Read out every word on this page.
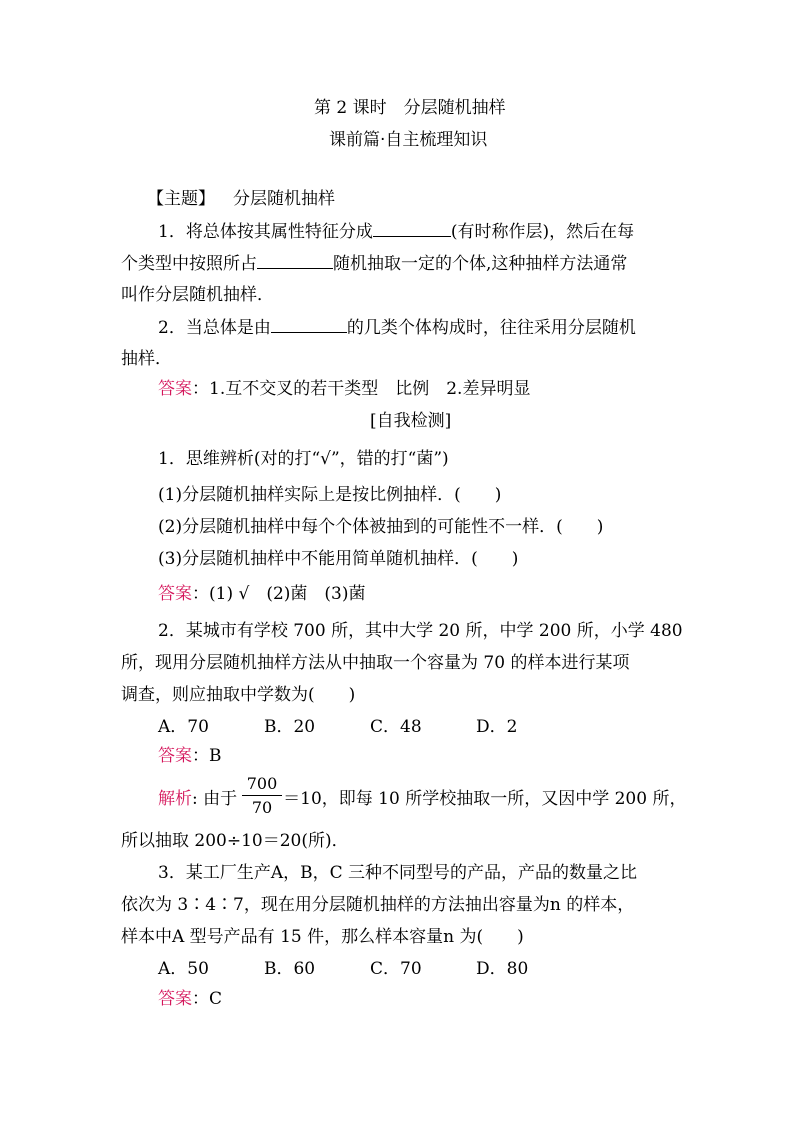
第 2 课时　分层随机抽样
课前篇·自主梳理知识
【主题】 分层随机抽样
1．将总体按其属性特征分成	(有时称作层)，然后在每
个类型中按照所占	随机抽取一定的个体,这种抽样方法通常
叫作分层随机抽样．
2．当总体是由	的几类个体构成时，往往采用分层随机
抽样．
答案：1.互不交叉的若干类型　比例　2.差异明显
[自我检测]
1．思维辨析(对的打“√”，错的打“菌”)
(1)分层随机抽样实际上是按比例抽样．(　　)
(2)分层随机抽样中每个个体被抽到的可能性不一样．(　　)
(3)分层随机抽样中不能用简单随机抽样．(　　)
答案：(1) √　(2)菌　(3)菌
2．某城市有学校 700 所，其中大学 20 所，中学 200 所，小学 480
所，现用分层随机抽样方法从中抽取一个容量为 70 的样本进行某项
调查，则应抽取中学数为(　　)
A．70	B．20	C．48	D．2
答案：B
解析: 由于	＝10，即每 10 所学校抽取一所，又因中学 200 所，
700
70
所以抽取 200÷10＝20(所)．
3．某工厂生产A，B，C 三种不同型号的产品，产品的数量之比
依次为 3∶4∶7，现在用分层随机抽样的方法抽出容量为n 的样本，
样本中A 型号产品有 15 件，那么样本容量n 为(　　)
A．50	B．60	C．70	D．80
答案：C
